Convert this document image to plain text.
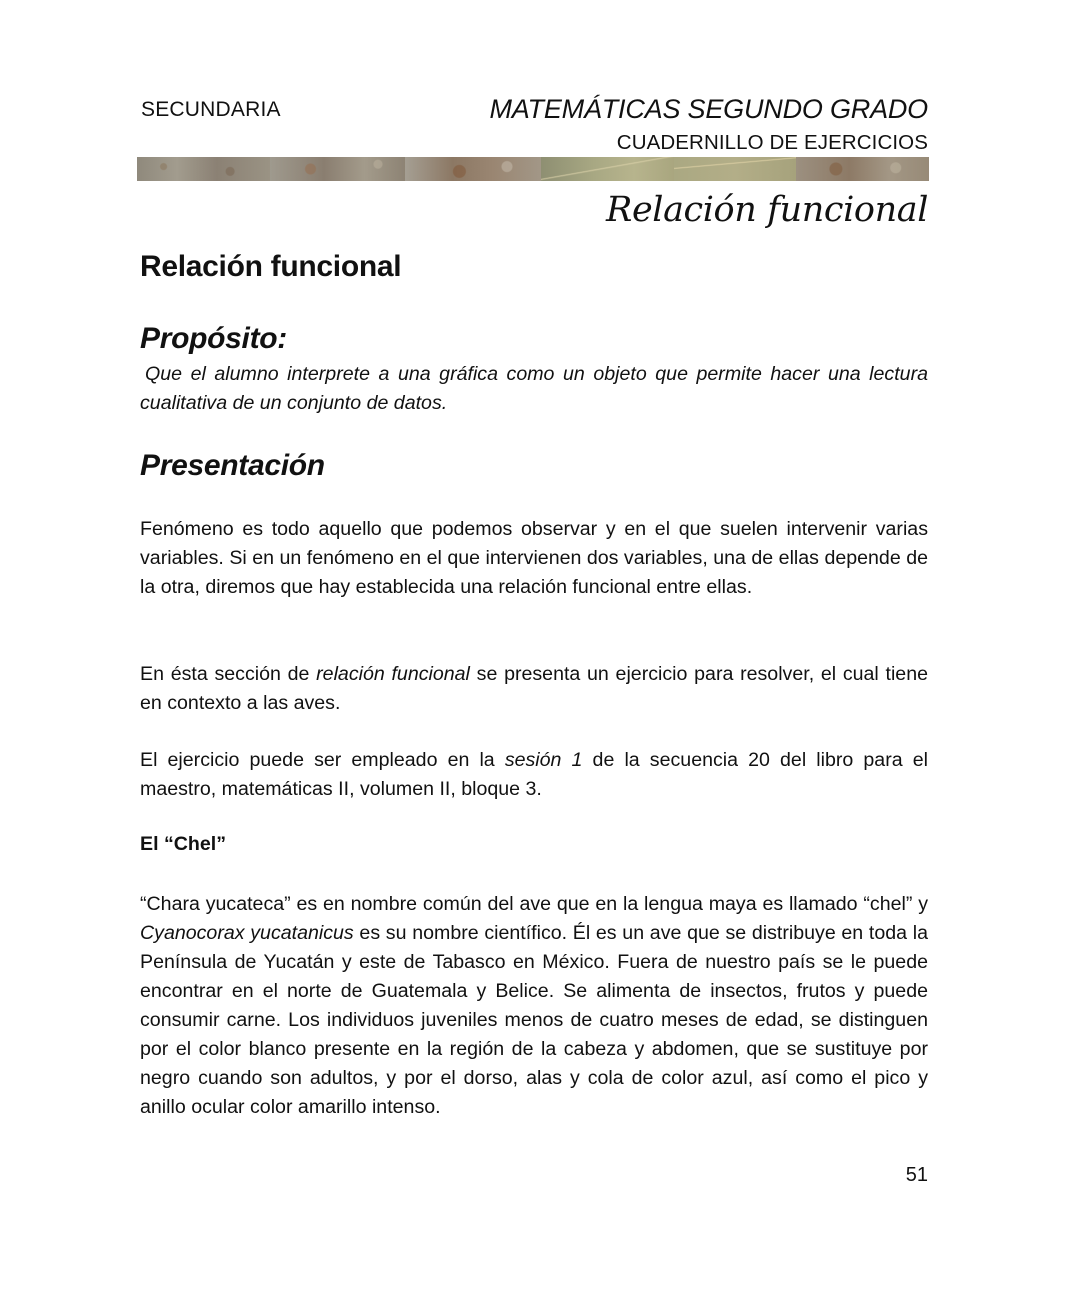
SECUNDARIA	MATEMÁTICAS SEGUNDO GRADO
CUADERNILLO DE EJERCICIOS
Relación funcional
Relación funcional
Propósito:

Que el alumno interprete a una gráfica como un objeto que permite hacer una lectura cualitativa de un conjunto de datos.

Presentación

Fenómeno es todo aquello que podemos observar y en el que suelen intervenir varias variables. Si en un fenómeno en el que intervienen dos variables, una de ellas depende de la otra, diremos que hay establecida una relación funcional entre ellas.

En ésta sección de relación funcional se presenta un ejercicio para resolver, el cual tiene en contexto a las aves.

El ejercicio puede ser empleado en la sesión 1 de la secuencia 20 del libro para el maestro, matemáticas II, volumen II, bloque 3.

El “Chel”

“Chara yucateca” es en nombre común del ave que en la lengua maya es llamado “chel” y Cyanocorax yucatanicus es su nombre científico. Él es un ave que se distribuye en toda la Península de Yucatán y este de Tabasco en México. Fuera de nuestro país se le puede encontrar en el norte de Guatemala y Belice. Se alimenta de insectos, frutos y puede consumir carne. Los individuos juveniles menos de cuatro meses de edad, se distinguen por el color blanco presente en la región de la cabeza y abdomen, que se sustituye por negro cuando son adultos, y por el dorso, alas y cola de color azul, así como el pico y anillo ocular color amarillo intenso.

51
